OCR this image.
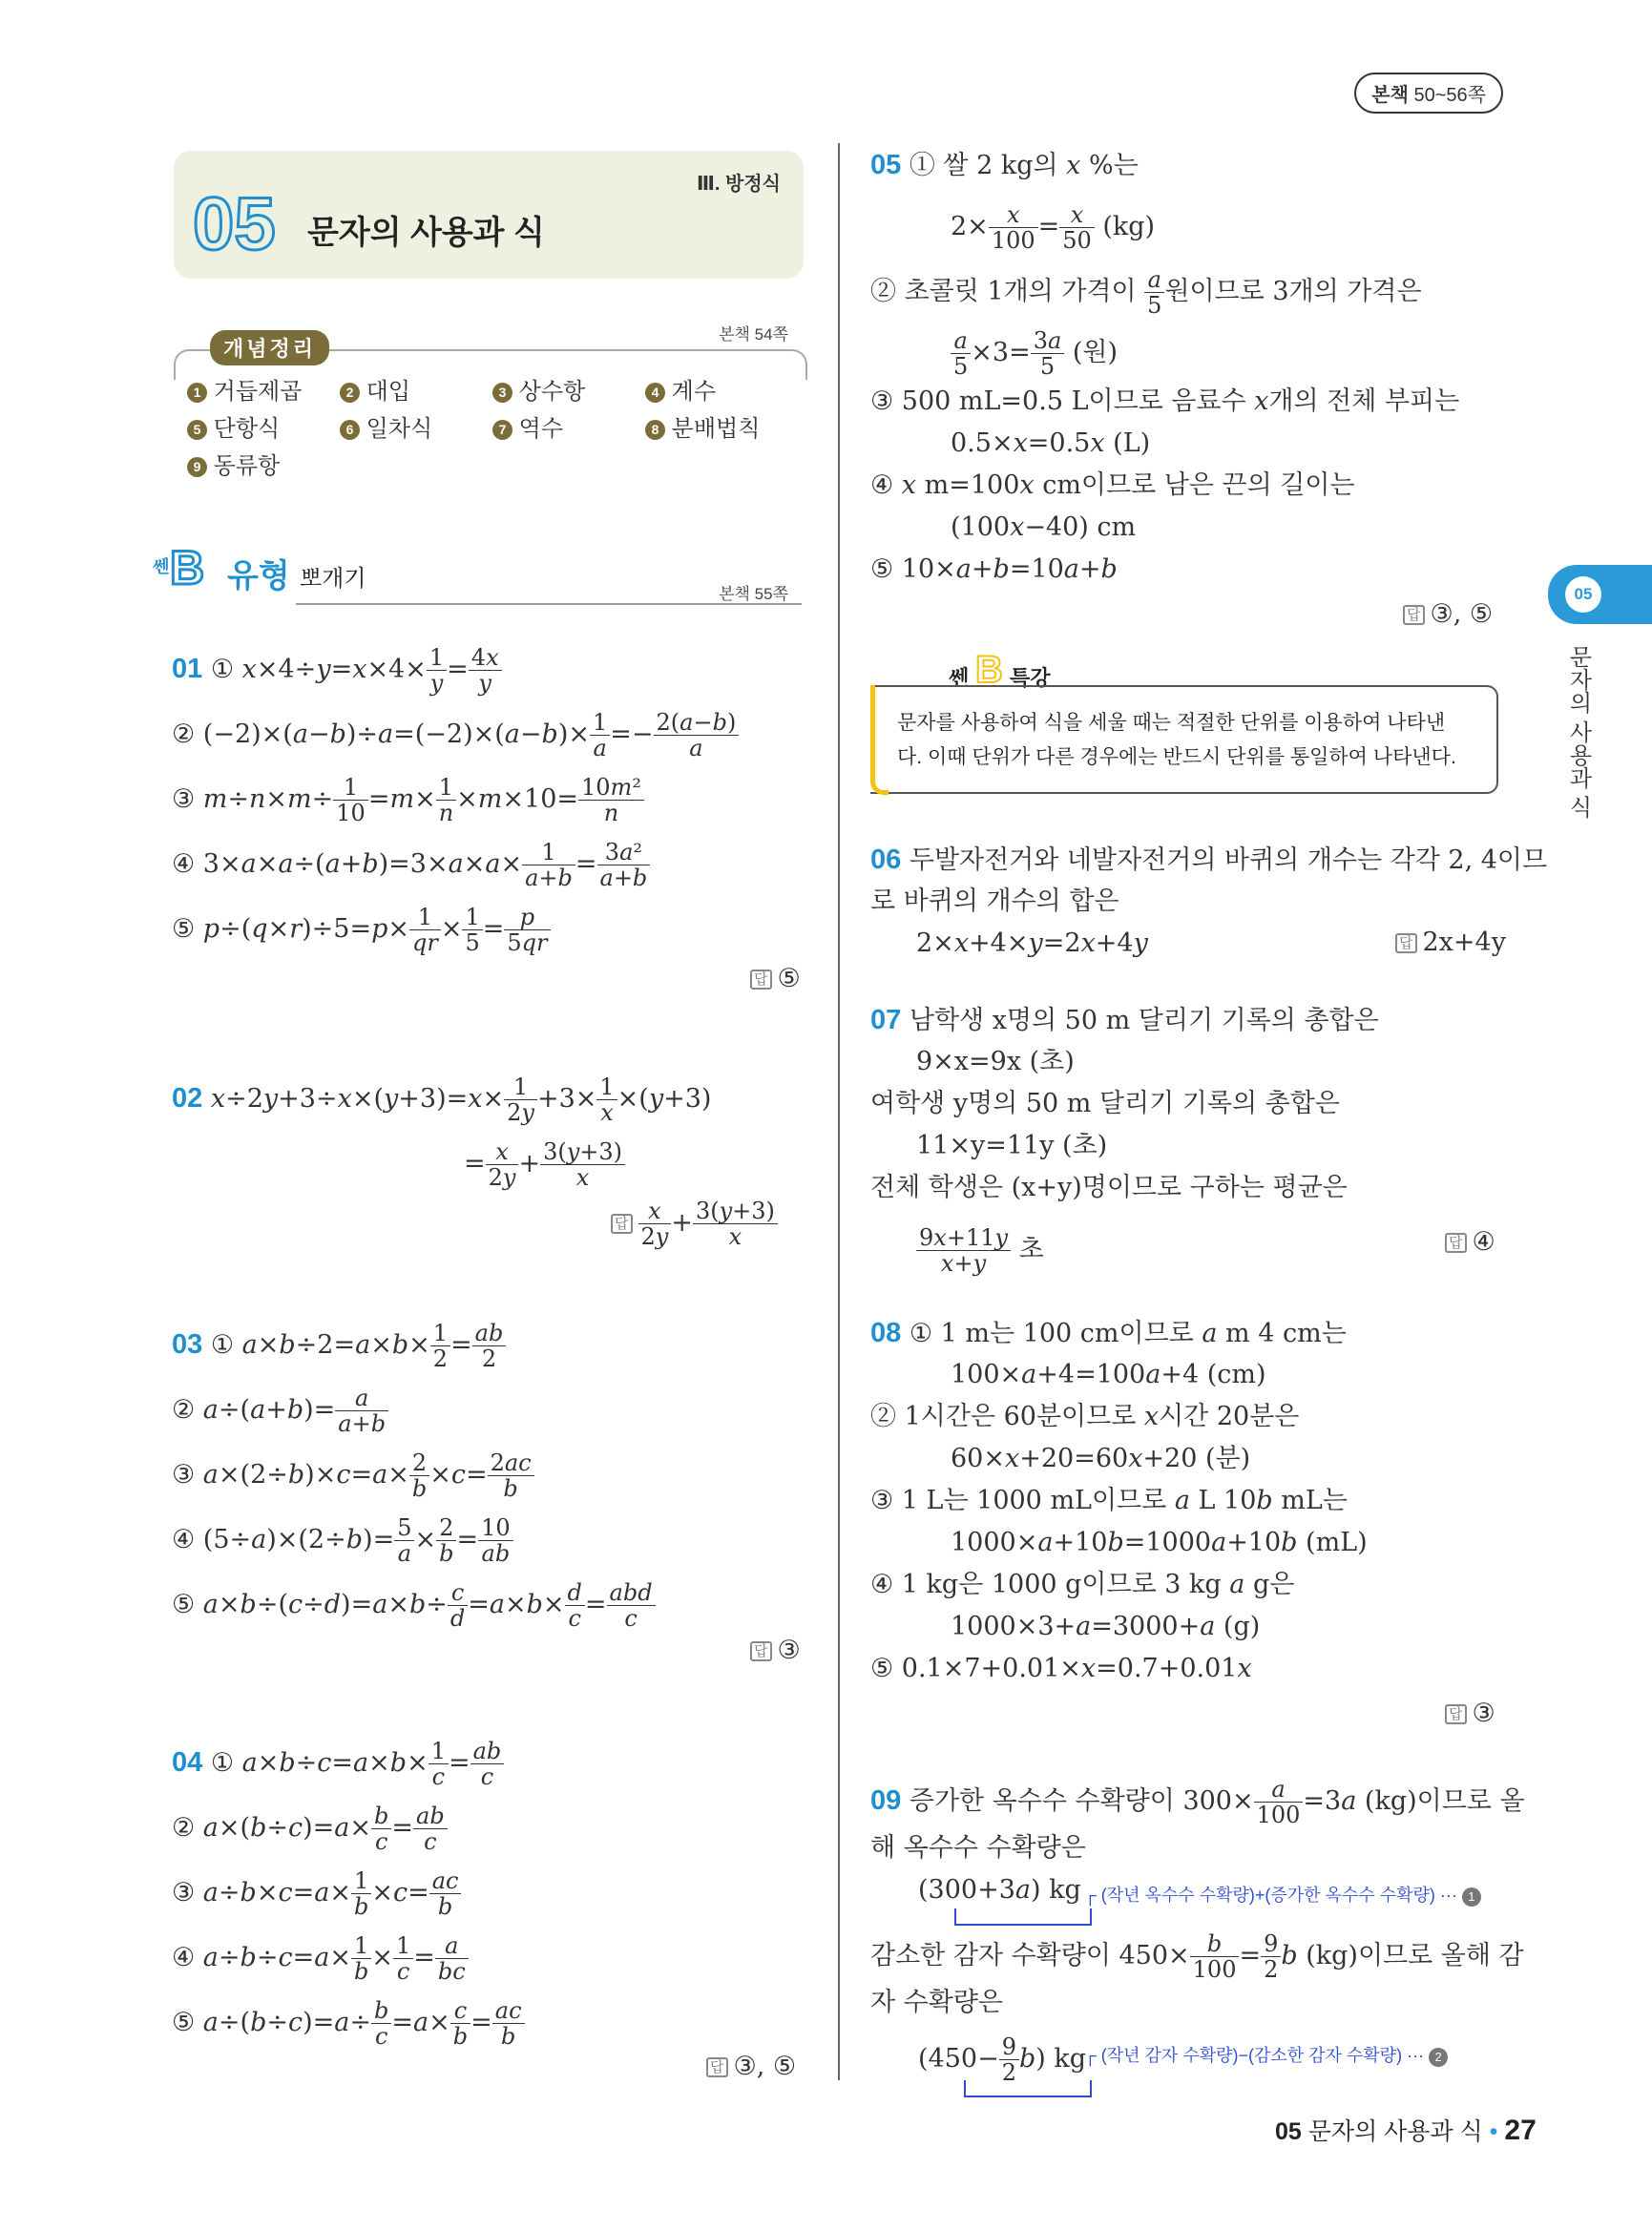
본책 50~56쪽
Ⅲ. 방정식
05 문자의 사용과 식
본책 54쪽
개념정리
1 거듭제곱	2 대입	3 상수항	4 계수
5 단항식	6 일차식	7 역수	8 분배법칙
9 동류항
쎈 B 유형 뽀개기
본책 55쪽
01 ① $x\times 4\div y=x\times 4\times \frac{1}{y} = \frac{4x}{y}$
② $(-2)\times(a-b)\div a=(-2)\times(a-b)\times \frac{1}{a} =- \frac{2(a-b)}{a}$
③ $m\div n\times m\div \frac{1}{10} =m\times \frac{1}{n} \times m\times 10= \frac{\text{10m²}}{n}$
④ $3\times a\times a\div(a+b)=3\times a\times a\times \frac{1}{a+b} = \frac{\text{3a²}}{a+b}$
⑤ $p\div(q\times r)\div 5=p\times \frac{1}{qr} \times \frac{1}{5} = \frac{p}{5qr}$
답 ⑤
02 $x\div 2y+3\div x\times(y+3)=x\times \frac{1}{2y} +3\times \frac{1}{x} \times(y+3)$
= $\frac{x}{2y} + \frac{3(y+3)}{x}$
답 $\frac{x}{2y} + \frac{3(y+3)}{x}$
03 ① $a\times b\div 2=a\times b\times \frac{1}{2} = \frac{ab}{2}$
② $a\div(a+b)= \frac{a}{a+b}$
③ $a\times(2\div b)\times c=a\times \frac{2}{b} \times c= \frac{2ac}{b}$
④ $(5\div a)\times(2\div b)= \frac{5}{a} \times \frac{2}{b} = \frac{10}{ab}$
⑤ $a\times b\div(c\div d)=a\times b\div \frac{c}{d} =a\times b\times \frac{d}{c} = \frac{\text{abd}}{c}$
답 ③
04 ① $a\times b\div c=a\times b\times \frac{1}{c} = \frac{ab}{c}$
② $a\times(b\div c)=a\times \frac{b}{c} = \frac{ab}{c}$
③ $a\div b\times c=a\times \frac{1}{b} \times c= \frac{ac}{b}$
④ $a\div b\div c=a\times \frac{1}{b} \times \frac{1}{c} = \frac{a}{bc}$
⑤ $a\div(b\div c)=a\div \frac{b}{c} =a\times \frac{c}{b} = \frac{ac}{b}$
답 ③, ⑤
05 ① 쌀 2 kg의 x %는
$2\times \frac{x}{100} = \frac{x}{50} (kg)$
② 초콜릿 1개의 가격이 $\frac{a}{5}$ 원이므로 3개의 가격은
$\frac{a}{5} \times 3= \frac{3a}{5}$ (원)
③ 500 mL=0.5 L이므로 음료수 x개의 전체 부피는
0.5×x=0.5x (L)
④ x m=100x cm이므로 남은 끈의 길이는
(100x−40) cm
⑤ 10×a+b=10a+b
답 ③, ⑤
쎈 B 특강
문자를 사용하여 식을 세울 때는 적절한 단위를 이용하여 나타낸
다. 이때 단위가 다른 경우에는 반드시 단위를 통일하여 나타낸다.
06 두발자전거와 네발자전거의 바퀴의 개수는 각각 2, 4이므
로 바퀴의 개수의 합은
2×x+4×y=2x+4y	답 2x+4y
07 남학생 x명의 50 m 달리기 기록의 총합은
9×x=9x (초)
여학생 y명의 50 m 달리기 기록의 총합은
11×y=11y (초)
전체 학생은 (x+y)명이므로 구하는 평균은
$\frac{9x+11y}{x+y}$ 초	답 ④
08 ① 1 m는 100 cm이므로 a m 4 cm는
100×a+4=100a+4 (cm)
② 1시간은 60분이므로 x시간 20분은
60×x+20=60x+20 (분)
③ 1 L는 1000 mL이므로 a L 10b mL는
1000×a+10b=1000a+10b (mL)
④ 1 kg은 1000 g이므로 3 kg a g은
1000×3+a=3000+a (g)
⑤ 0.1×7+0.01×x=0.7+0.01x
답 ③
09 증가한 옥수수 수확량이 $300\times \frac{a}{100} =3a$ (kg)이므로 올
해 옥수수 수확량은
(300+3a) kg ┌ (작년 옥수수 수확량)+(증가한 옥수수 수확량) ··· 1
감소한 감자 수확량이 $450\times \frac{b}{100} = \frac{9}{2}$ b (kg)이므로 올해 감
자 수확량은
$(450- \frac{9}{2} b)$ kg
┌ (작년 감자 수확량)−(감소한 감자 수확량) ··· 2
05
문자의 사용과 식
05 문자의 사용과 식 • 27
